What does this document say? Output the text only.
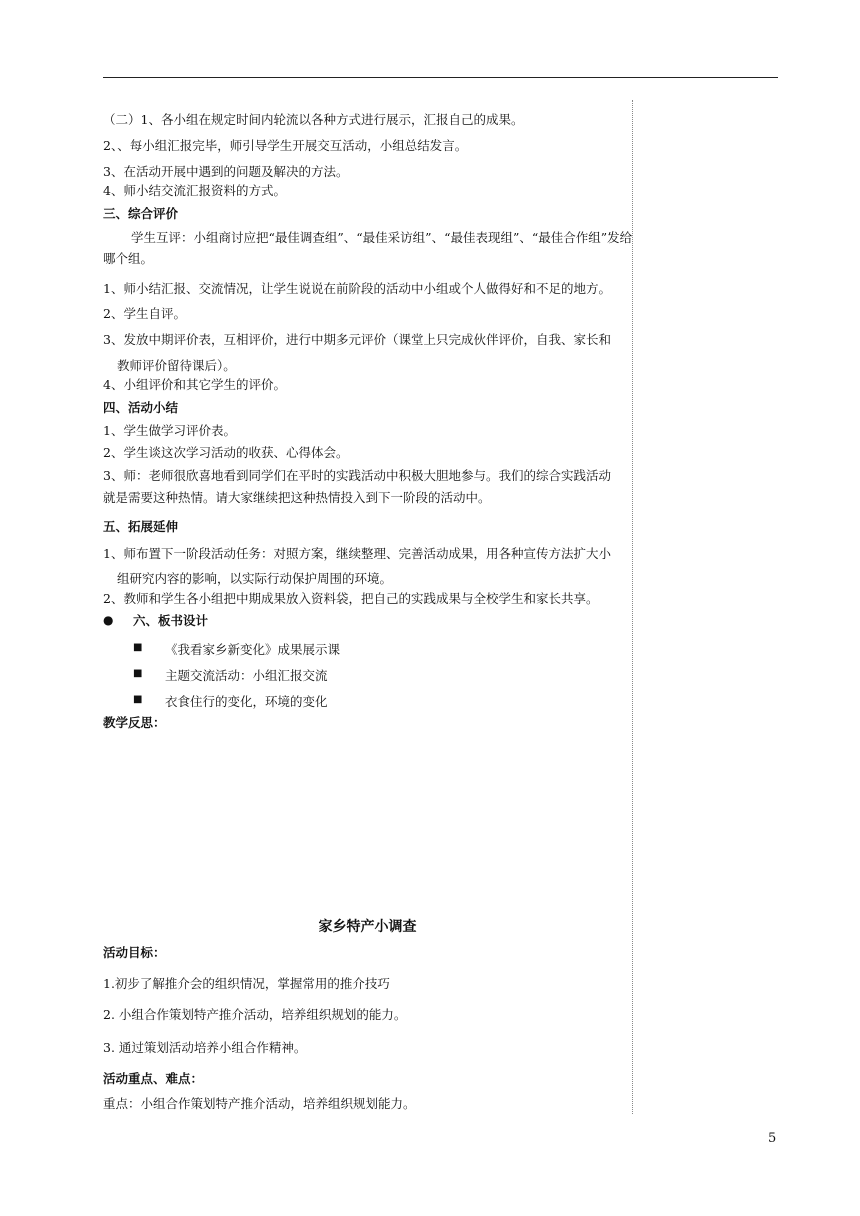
（二）1、各小组在规定时间内轮流以各种方式进行展示，汇报自己的成果。
2、、每小组汇报完毕，师引导学生开展交互活动，小组总结发言。
3、在活动开展中遇到的问题及解决的方法。
4、师小结交流汇报资料的方式。
三、综合评价
学生互评：小组商讨应把“最佳调查组”、“最佳采访组”、“最佳表现组”、“最佳合作组”发给
哪个组。
1、师小结汇报、交流情况，让学生说说在前阶段的活动中小组或个人做得好和不足的地方。
2、学生自评。
3、发放中期评价表，互相评价，进行中期多元评价（课堂上只完成伙伴评价，自我、家长和
教师评价留待课后）。
4、小组评价和其它学生的评价。
四、活动小结
1、学生做学习评价表。
2、学生谈这次学习活动的收获、心得体会。
3、师：老师很欣喜地看到同学们在平时的实践活动中积极大胆地参与。我们的综合实践活动
就是需要这种热情。请大家继续把这种热情投入到下一阶段的活动中。
五、拓展延伸
1、师布置下一阶段活动任务：对照方案，继续整理、完善活动成果，用各种宣传方法扩大小
组研究内容的影响，以实际行动保护周围的环境。
2、教师和学生各小组把中期成果放入资料袋，把自己的实践成果与全校学生和家长共享。
● 六、板书设计
■ 《我看家乡新变化》成果展示课
■ 主题交流活动：小组汇报交流
■ 衣食住行的变化，环境的变化
教学反思：
家乡特产小调查
活动目标：
1.初步了解推介会的组织情况，掌握常用的推介技巧
2. 小组合作策划特产推介活动，培养组织规划的能力。
3. 通过策划活动培养小组合作精神。
活动重点、难点：
重点：小组合作策划特产推介活动，培养组织规划能力。
5
